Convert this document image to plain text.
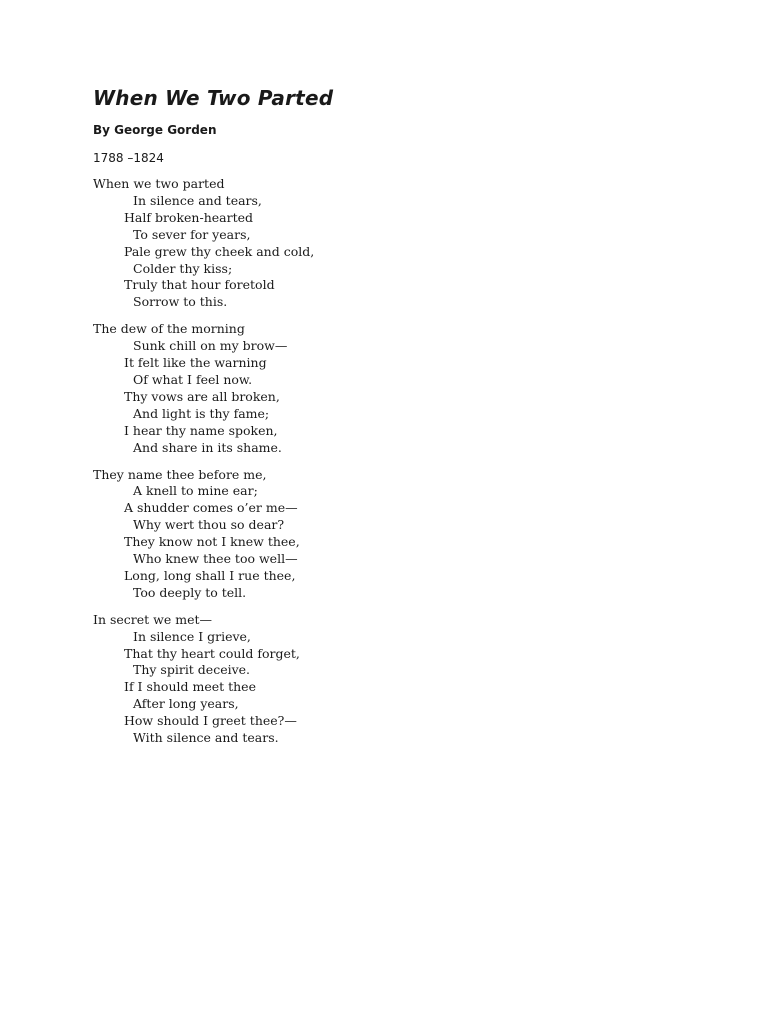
When We Two Parted
By George Gorden
1788 –1824
When we two parted
In silence and tears,
Half broken-hearted
To sever for years,
Pale grew thy cheek and cold,
Colder thy kiss;
Truly that hour foretold
Sorrow to this.
The dew of the morning
Sunk chill on my brow—
It felt like the warning
Of what I feel now.
Thy vows are all broken,
And light is thy fame;
I hear thy name spoken,
And share in its shame.
They name thee before me,
A knell to mine ear;
A shudder comes o’er me—
Why wert thou so dear?
They know not I knew thee,
Who knew thee too well—
Long, long shall I rue thee,
Too deeply to tell.
In secret we met—
In silence I grieve,
That thy heart could forget,
Thy spirit deceive.
If I should meet thee
After long years,
How should I greet thee?—
With silence and tears.
